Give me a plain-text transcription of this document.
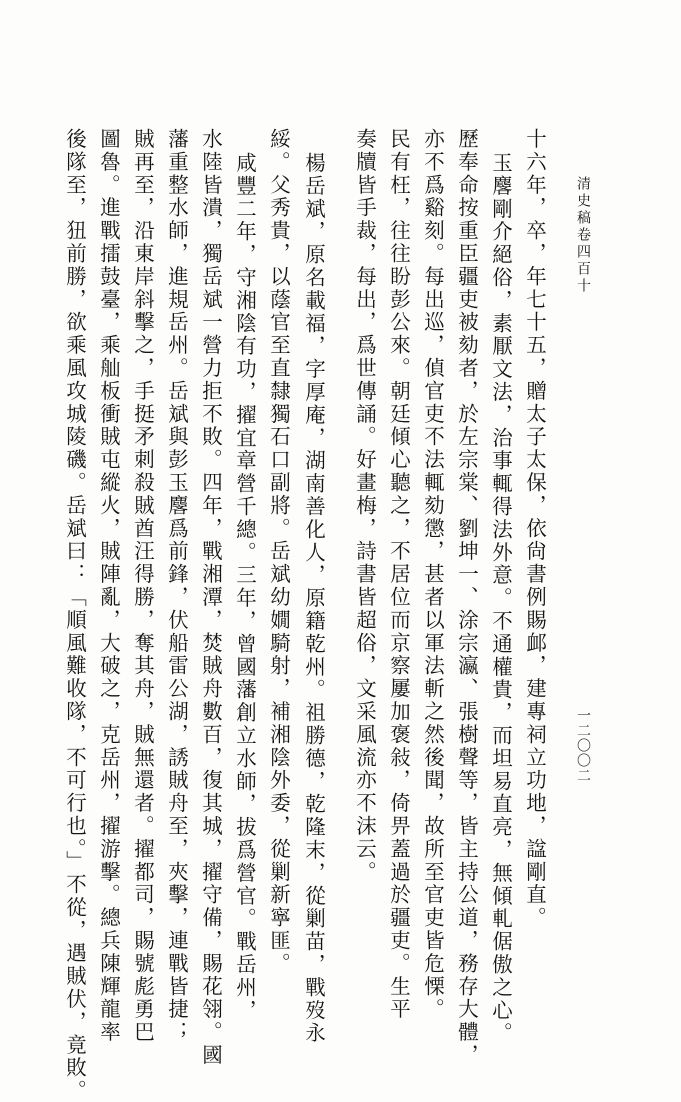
清史稿卷四百十
一二〇〇二
十六年，卒，年七十五，贈太子太保，依尙書例賜䘏，建專祠立功地，諡剛直。
玉麐剛介絕俗，素厭文法，治事輒得法外意。不通權貴，而坦易直亮，無傾軋倨傲之心。
歷奉命按重臣疆吏被劾者，於左宗棠、劉坤一、涂宗瀛、張樹聲等，皆主持公道，務存大體，
亦不爲谿刻。每出巡，偵官吏不法輒劾懲，甚者以軍法斬之然後聞，故所至官吏皆危慄。
民有枉，往往盼彭公來。朝廷傾心聽之，不居位而京察屢加褒敍，倚畀蓋過於疆吏。生平
奏牘皆手裁，每出，爲世傳誦。好畫梅，詩書皆超俗，文采風流亦不沫云。
楊岳斌，原名載福，字厚庵，湖南善化人，原籍乾州。祖勝德，乾隆末，從剿苗，戰歿永
綏。父秀貴，以蔭官至直隸獨石口副將。岳斌幼嫺騎射，補湘陰外委，從剿新寧匪。
咸豐二年，守湘陰有功，擢宜章營千總。三年，曾國藩創立水師，拔爲營官。戰岳州，
水陸皆潰，獨岳斌一營力拒不敗。四年，戰湘潭，焚賊舟數百，復其城，擢守備，賜花翎。國
藩重整水師，進規岳州。岳斌與彭玉麐爲前鋒，伏船雷公湖，誘賊舟至，夾擊，連戰皆捷；
賊再至，沿東岸斜擊之，手挺矛刺殺賊酋汪得勝，奪其舟，賊無還者。擢都司，賜號彪勇巴
圖魯。進戰擂鼓臺，乘舢板衝賊屯縱火，賊陣亂，大破之，克岳州，擢游擊。總兵陳輝龍率
後隊至，狃前勝，欲乘風攻城陵磯。岳斌曰：「順風難收隊，不可行也。」不從，遇賊伏，竟敗。
